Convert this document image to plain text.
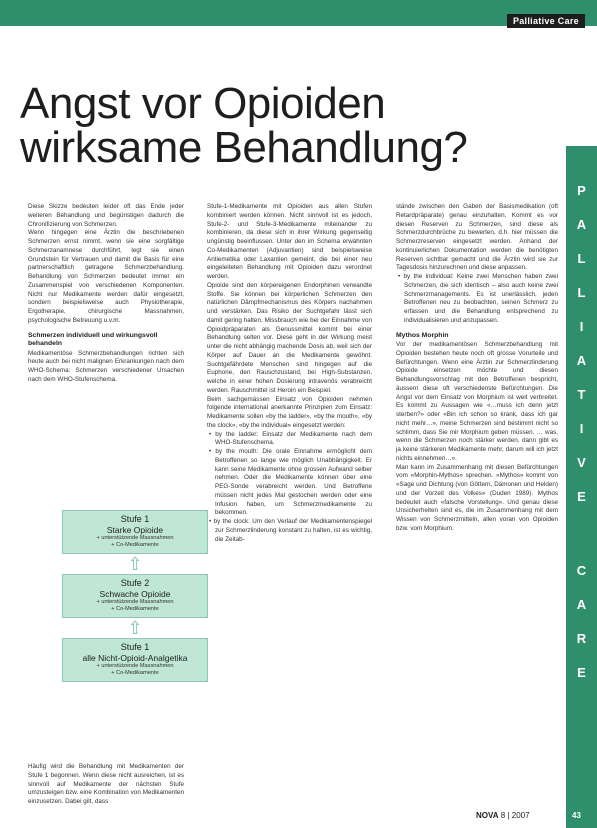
Palliative Care
Angst vor Opioiden
wirksame Behandlung?
P
A
L
L
I
A
T
I
V
E
C
A
R
E

Diese Skizze bedeuten leider oft das Ende jeder weiteren Behandlung und begünstigen dadurch die Chronifizierung von Schmerzen.

Wenn hingegen eine Ärztin die beschriebenen Schmerzen ernst nimmt, wenn sie eine sorgfältige Schmerzanamnese durchführt, legt sie einen Grundstein für Vertrauen und damit die Basis für eine partnerschaftlich getragene Schmerzbehandlung. Behandlung von Schmerzen bedeutet immer ein Zusammenspiel von verschiedenen Komponenten. Nicht nur Medikamente werden dafür eingesetzt, sondern beispielsweise auch Physiotherapie, Ergotherapie, chirurgische Massnahmen, psychologische Betreuung u.v.m.

Schmerzen individuell und wirkungsvoll behandeln

Medikamentöse Schmerzbehandlungen richten sich heute auch bei nicht malignen Erkrankungen nach dem WHO-Schema: Schmerzen verschiedener Ursachen nach dem WHO-Stufenschema.

Stufe 1
Starke Opioide
+ unterstützende Massnahmen
+ Co-Medikamente
⇧
Stufe 2
Schwache Opioide
+ unterstützende Massnahmen
+ Co-Medikamente
⇧
Stufe 1
alle Nicht-Opioid-Analgetika
+ unterstützende Massnahmen
+ Co-Medikamente

Häufig wird die Behandlung mit Medikamenten der Stufe 1 begonnen. Wenn diese nicht ausreichen, ist es sinnvoll auf Medikamente der nächsten Stufe umzusteigen bzw. eine Kombination von Medikamenten einzusetzen. Dabei gilt, dass

Stufe-1-Medikamente mit Opioiden aus allen Stufen kombiniert werden können. Nicht sinnvoll ist es jedoch, Stufe-2- und Stufe-3-Medikamente miteinander zu kombinieren, da diese sich in ihrer Wirkung gegenseitig ungünstig beeinflussen. Unter den im Schema erwähnten Co-Medikamenten (Adjuvantien) sind beispielsweise Antiemetika oder Laxantien gemeint, die bei einer neu eingeleiteten Behandlung mit Opioiden dazu verordnet werden.

Opioide sind den körpereigenen Endorphinen verwandte Stoffe. Sie können bei körperlichen Schmerzen den natürlichen Dämpfmechanismus des Körpers nachahmen und verstärken. Das Risiko der Suchtgefahr lässt sich damit gering halten. Missbrauch wie bei der Einnahme von Opioidpräparaten als Genussmittel kommt bei einer Behandlung selten vor. Diese geht in der Wirkung meist unter die nicht abhängig machende Dosis ab, weil sich der Körper auf Dauer an die Medikamente gewöhnt. Suchtgefährdete Menschen sind hingegen auf die Euphorie, den Rauschzustand, bei High-Substanzen, welche in einer hohen Dosierung intravenös verabreicht werden. Rauschmittel ist Heroin ein Beispiel.

Beim sachgemässen Einsatz von Opioiden nehmen folgende international anerkannte Prinzipien zum Einsatz: Medikamente sollen «by the ladder», «by the mouth», «by the clock», «by the individual» eingesetzt werden:

• by the ladder: Einsatz der Medikamente nach dem WHO-Stufenschema.

• by the mouth: Die orale Einnahme ermöglicht dem Betroffenen so lange wie möglich Unabhängigkeit. Er kann seine Medikamente ohne grossen Aufwand selber nehmen. Oder die Medikamente können über eine PEG-Sonde verabreicht werden. Und Betroffene müssen nicht jedes Mal gestochen werden oder eine Infusion haben, um Schmerzmedikamente zu bekommen.

• by the clock: Um den Verlauf der Medikamentenspiegel zur Schmerzlinderung konstant zu halten, ist es wichtig, die Zeitab-

stände zwischen den Gaben der Basismedikation (oft Retardpräparate) genau einzuhalten. Kommt es vor diesen Reserven zu Schmerzen, sind diese als Schmerzdurchbrüche zu bewerten, d.h. hier müssen die Schmerzreserven eingesetzt werden. Anhand der kontinuierlichen Dokumentation werden die benötigten Reserven sichtbar gemacht und die Ärztin wird sie zur Tagesdosis hinzurechnen und diese anpassen.

• by the individual: Keine zwei Menschen haben zwei Schmerzen, die sich identisch – also auch keine zwei Schmerzmanagements. Es ist unerlässlich, jeden Betroffenen neu zu beobachten, seinen Schmerz zu erfassen und die Behandlung entsprechend zu individualisieren und anzupassen.

Mythos Morphin

Vor der medikamentösen Schmerzbehandlung mit Opioiden bestehen heute noch oft grosse Vorurteile und Befürchtungen. Wenn eine Ärztin zur Schmerzlinderung Opioide einsetzen möchte und diesen Behandlungsvorschlag mit den Betroffenen bespricht, äussern diese oft verschiedenste Befürchtungen. Die Angst vor dem Einsatz von Morphium ist weit verbreitet. Es kommt zu Aussagen wie «…muss ich denn jetzt sterben?» oder «Bin ich schon so krank, dass ich gar nicht mehr…», meine Schmerzen sind bestimmt nicht so schlimm, dass Sie mir Morphium geben müssen. … was, wenn die Schmerzen noch stärker werden, dann gibt es ja keine stärkeren Medikamente mehr, darum will ich jetzt nichts einnehmen…».

Man kann im Zusammenhang mit diesen Befürchtungen vom «Morphin-Mythos» sprechen. «Mythos» kommt von «Sage und Dichtung (von Göttern, Dämonen und Helden) und der Vorzeit des Volkes» (Duden 1989). Mythos bedeutet auch «falsche Vorstellung». Und genau diese Unsicherheiten sind es, die im Zusammenhang mit dem Wissen von Schmerzmitteln, allen voran von Opioiden bzw. vom Morphium.

NOVA 8 | 2007	43
